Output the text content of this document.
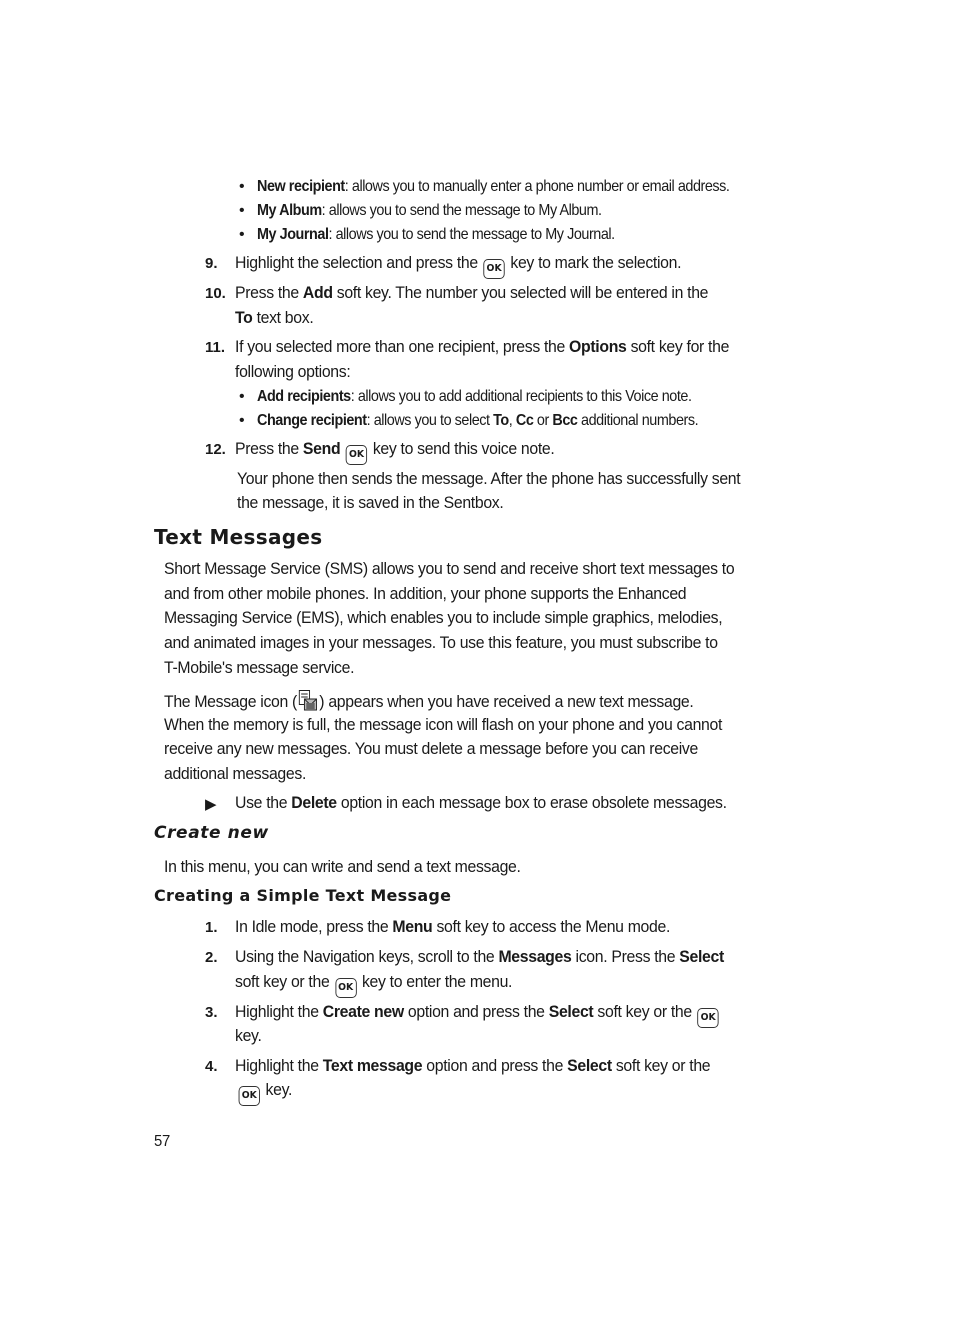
• New recipient: allows you to manually enter a phone number or email address.
• My Album: allows you to send the message to My Album.
• My Journal: allows you to send the message to My Journal.
9. Highlight the selection and press the OK key to mark the selection.
10. Press the Add soft key. The number you selected will be entered in the
To text box.
11. If you selected more than one recipient, press the Options soft key for the
following options:
• Add recipients: allows you to add additional recipients to this Voice note.
• Change recipient: allows you to select To, Cc or Bcc additional numbers.
12. Press the Send OK key to send this voice note.
Your phone then sends the message. After the phone has successfully sent
the message, it is saved in the Sentbox.
Text Messages
Short Message Service (SMS) allows you to send and receive short text messages to
and from other mobile phones. In addition, your phone supports the Enhanced
Messaging Service (EMS), which enables you to include simple graphics, melodies,
and animated images in your messages. To use this feature, you must subscribe to
T-Mobile's message service.
The Message icon ( ) appears when you have received a new text message.
When the memory is full, the message icon will flash on your phone and you cannot
receive any new messages. You must delete a message before you can receive
additional messages.
▶ Use the Delete option in each message box to erase obsolete messages.
Create new
In this menu, you can write and send a text message.
Creating a Simple Text Message
1. In Idle mode, press the Menu soft key to access the Menu mode.
2. Using the Navigation keys, scroll to the Messages icon. Press the Select
soft key or the OK key to enter the menu.
3. Highlight the Create new option and press the Select soft key or the OK
key.
4. Highlight the Text message option and press the Select soft key or the
OK key.
57
